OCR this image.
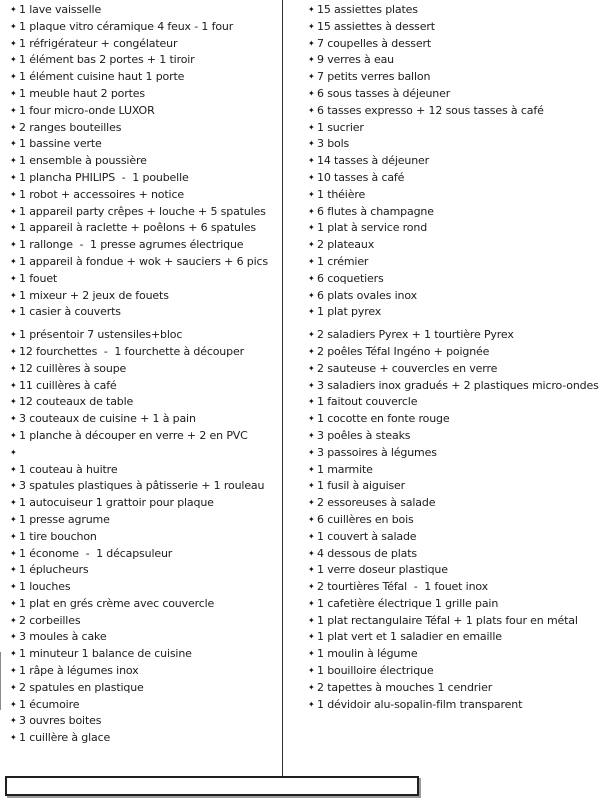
✦ 1 lave vaisselle
✦ 1 plaque vitro céramique 4 feux - 1 four
✦ 1 réfrigérateur + congélateur
✦ 1 élément bas 2 portes + 1 tiroir
✦ 1 élément cuisine haut 1 porte
✦ 1 meuble haut 2 portes
✦ 1 four micro-onde LUXOR
✦ 2 ranges bouteilles
✦ 1 bassine verte
✦ 1 ensemble à poussière
✦ 1 plancha PHILIPS  -  1 poubelle
✦ 1 robot + accessoires + notice
✦ 1 appareil party crêpes + louche + 5 spatules
✦ 1 appareil à raclette + poêlons + 6 spatules
✦ 1 rallonge  -  1 presse agrumes électrique
✦ 1 appareil à fondue + wok + sauciers + 6 pics
✦ 1 fouet
✦ 1 mixeur + 2 jeux de fouets
✦ 1 casier à couverts
✦ 1 présentoir 7 ustensiles+bloc
✦ 12 fourchettes  -  1 fourchette à découper
✦ 12 cuillères à soupe
✦ 11 cuillères à café
✦ 12 couteaux de table
✦ 3 couteaux de cuisine + 1 à pain
✦ 1 planche à découper en verre + 2 en PVC
✦
✦ 1 couteau à huitre
✦ 3 spatules plastiques à pâtisserie + 1 rouleau
✦ 1 autocuiseur 1 grattoir pour plaque
✦ 1 presse agrume
✦ 1 tire bouchon
✦ 1 économe  -  1 décapsuleur
✦ 1 éplucheurs
✦ 1 louches
✦ 1 plat en grés crème avec couvercle
✦ 2 corbeilles
✦ 3 moules à cake
✦ 1 minuteur 1 balance de cuisine
✦ 1 râpe à légumes inox
✦ 2 spatules en plastique
✦ 1 écumoire
✦ 3 ouvres boites
✦ 1 cuillère à glace
✦ 15 assiettes plates
✦ 15 assiettes à dessert
✦ 7 coupelles à dessert
✦ 9 verres à eau
✦ 7 petits verres ballon
✦ 6 sous tasses à déjeuner
✦ 6 tasses expresso + 12 sous tasses à café
✦ 1 sucrier
✦ 3 bols
✦ 14 tasses à déjeuner
✦ 10 tasses à café
✦ 1 théière
✦ 6 flutes à champagne
✦ 1 plat à service rond
✦ 2 plateaux
✦ 1 crémier
✦ 6 coquetiers
✦ 6 plats ovales inox
✦ 1 plat pyrex
✦ 2 saladiers Pyrex + 1 tourtière Pyrex
✦ 2 poêles Téfal Ingéno + poignée
✦ 2 sauteuse + couvercles en verre
✦ 3 saladiers inox gradués + 2 plastiques micro-ondes
✦ 1 faitout couvercle
✦ 1 cocotte en fonte rouge
✦ 3 poêles à steaks
✦ 3 passoires à légumes
✦ 1 marmite
✦ 1 fusil à aiguiser
✦ 2 essoreuses à salade
✦ 6 cuillères en bois
✦ 1 couvert à salade
✦ 4 dessous de plats
✦ 1 verre doseur plastique
✦ 2 tourtières Téfal  -  1 fouet inox
✦ 1 cafetière électrique 1 grille pain
✦ 1 plat rectangulaire Téfal + 1 plats four en métal
✦ 1 plat vert et 1 saladier en emaille
✦ 1 moulin à légume
✦ 1 bouilloire électrique
✦ 2 tapettes à mouches 1 cendrier
✦ 1 dévidoir alu-sopalin-film transparent
